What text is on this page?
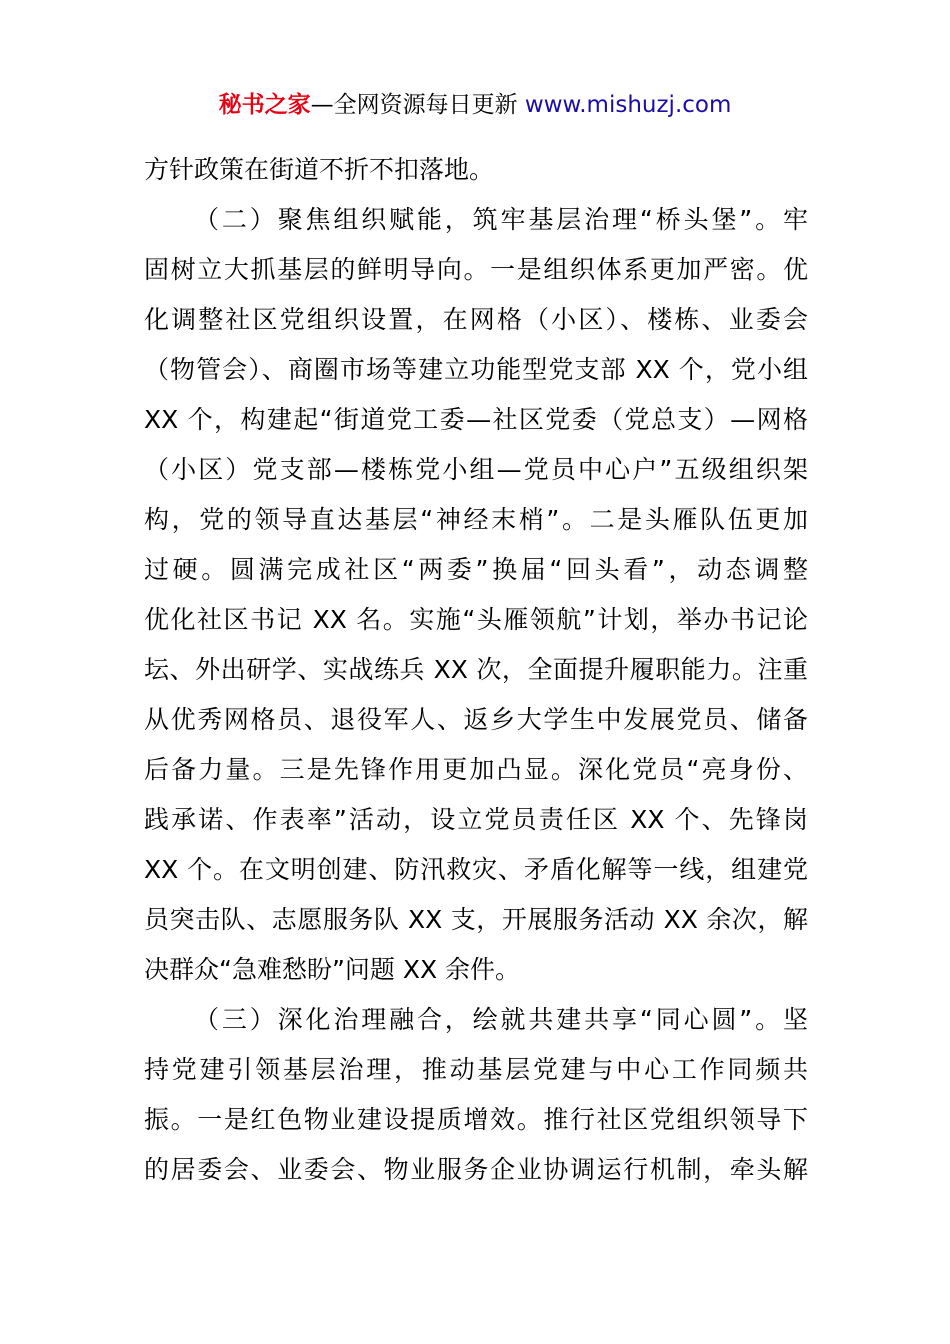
秘书之家—全网资源每日更新 www.mishuzj.com
方针政策在街道不折不扣落地。
（二）聚焦组织赋能，筑牢基层治理“桥头堡”。牢
固树立大抓基层的鲜明导向。一是组织体系更加严密。优
化调整社区党组织设置，在网格（小区）、楼栋、业委会
（物管会）、商圈市场等建立功能型党支部 XX 个，党小组
XX 个，构建起“街道党工委—社区党委（党总支）—网格
（小区）党支部—楼栋党小组—党员中心户”五级组织架
构，党的领导直达基层“神经末梢”。二是头雁队伍更加
过硬。圆满完成社区“两委”换届“回头看”，动态调整
优化社区书记 XX 名。实施“头雁领航”计划，举办书记论
坛、外出研学、实战练兵 XX 次，全面提升履职能力。注重
从优秀网格员、退役军人、返乡大学生中发展党员、储备
后备力量。三是先锋作用更加凸显。深化党员“亮身份、
践承诺、作表率”活动，设立党员责任区 XX 个、先锋岗
XX 个。在文明创建、防汛救灾、矛盾化解等一线，组建党
员突击队、志愿服务队 XX 支，开展服务活动 XX 余次，解
决群众“急难愁盼”问题 XX 余件。
（三）深化治理融合，绘就共建共享“同心圆”。坚
持党建引领基层治理，推动基层党建与中心工作同频共
振。一是红色物业建设提质增效。推行社区党组织领导下
的居委会、业委会、物业服务企业协调运行机制，牵头解
